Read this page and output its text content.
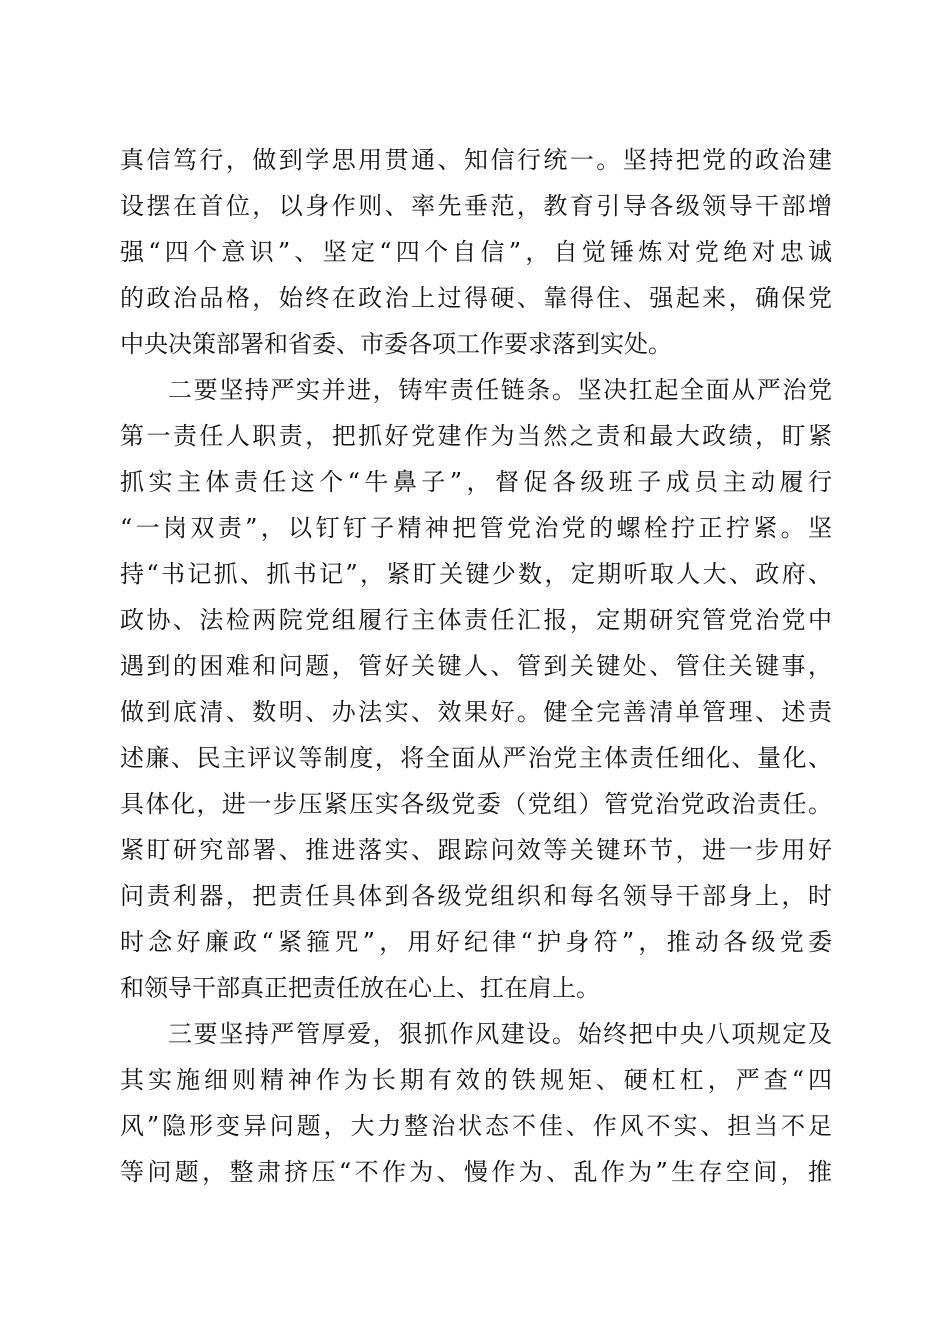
真信笃行，做到学思用贯通、知信行统一。坚持把党的政治建
设摆在首位，以身作则、率先垂范，教育引导各级领导干部增
强“四个意识”、坚定“四个自信”，自觉锤炼对党绝对忠诚
的政治品格，始终在政治上过得硬、靠得住、强起来，确保党
中央决策部署和省委、市委各项工作要求落到实处。
二要坚持严实并进，铸牢责任链条。坚决扛起全面从严治党
第一责任人职责，把抓好党建作为当然之责和最大政绩，盯紧
抓实主体责任这个“牛鼻子”，督促各级班子成员主动履行
“一岗双责”，以钉钉子精神把管党治党的螺栓拧正拧紧。坚
持“书记抓、抓书记”，紧盯关键少数，定期听取人大、政府、
政协、法检两院党组履行主体责任汇报，定期研究管党治党中
遇到的困难和问题，管好关键人、管到关键处、管住关键事，
做到底清、数明、办法实、效果好。健全完善清单管理、述责
述廉、民主评议等制度，将全面从严治党主体责任细化、量化、
具体化，进一步压紧压实各级党委（党组）管党治党政治责任。
紧盯研究部署、推进落实、跟踪问效等关键环节，进一步用好
问责利器，把责任具体到各级党组织和每名领导干部身上，时
时念好廉政“紧箍咒”，用好纪律“护身符”，推动各级党委
和领导干部真正把责任放在心上、扛在肩上。
三要坚持严管厚爱，狠抓作风建设。始终把中央八项规定及
其实施细则精神作为长期有效的铁规矩、硬杠杠，严查“四
风”隐形变异问题，大力整治状态不佳、作风不实、担当不足
等问题，整肃挤压“不作为、慢作为、乱作为”生存空间，推
